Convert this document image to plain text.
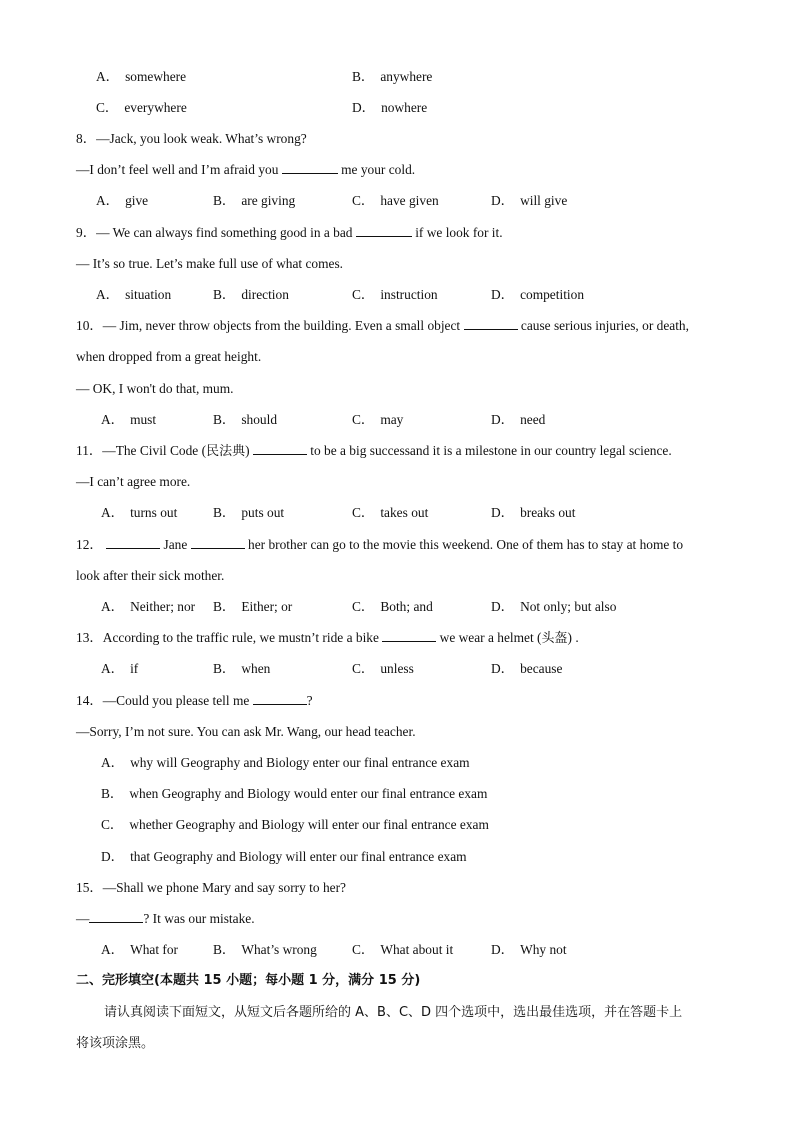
A． somewhere	B． anywhere
C． everywhere	D． nowhere
8．—Jack, you look weak. What’s wrong?
—I don’t feel well and I’m afraid you	me your cold.
A． give	B． are giving	C． have given	D． will give
9．— We can always find something good in a bad	if we look for it.
— It’s so true. Let’s make full use of what comes.
A． situation	B． direction	C． instruction	D． competition
10．— Jim, never throw objects from the building. Even a small object	cause serious injuries, or death,
when dropped from a great height.
— OK, I won't do that, mum.
A． must	B． should	C． may	D． need
11．—The Civil Code (民法典)	to be a big successand it is a milestone in our country legal science.
—I can’t agree more.
A． turns out	B． puts out	C． takes out	D． breaks out
12．	Jane	her brother can go to the movie this weekend. One of them has to stay at home to
look after their sick mother.
A． Neither; nor B． Either; or	C． Both; and	D． Not only; but also
13．According to the traffic rule, we mustn’t ride a bike	we wear a helmet (头盔) .
A． if	B． when	C． unless	D． because
14．—Could you please tell me	?
—Sorry, I’m not sure. You can ask Mr. Wang, our head teacher.
A． why will Geography and Biology enter our final entrance exam
B． when Geography and Biology would enter our final entrance exam
C． whether Geography and Biology will enter our final entrance exam
D． that Geography and Biology will enter our final entrance exam
15．—Shall we phone Mary and say sorry to her?
—	? It was our mistake.
A． What for	B． What’s wrong	C． What about it	D． Why not
二、完形填空(本题共 15 小题；每小题 1 分，满分 15 分)
请认真阅读下面短文，从短文后各题所给的 A、B、C、D 四个选项中，选出最佳选项，并在答题卡上
将该项涂黑。
